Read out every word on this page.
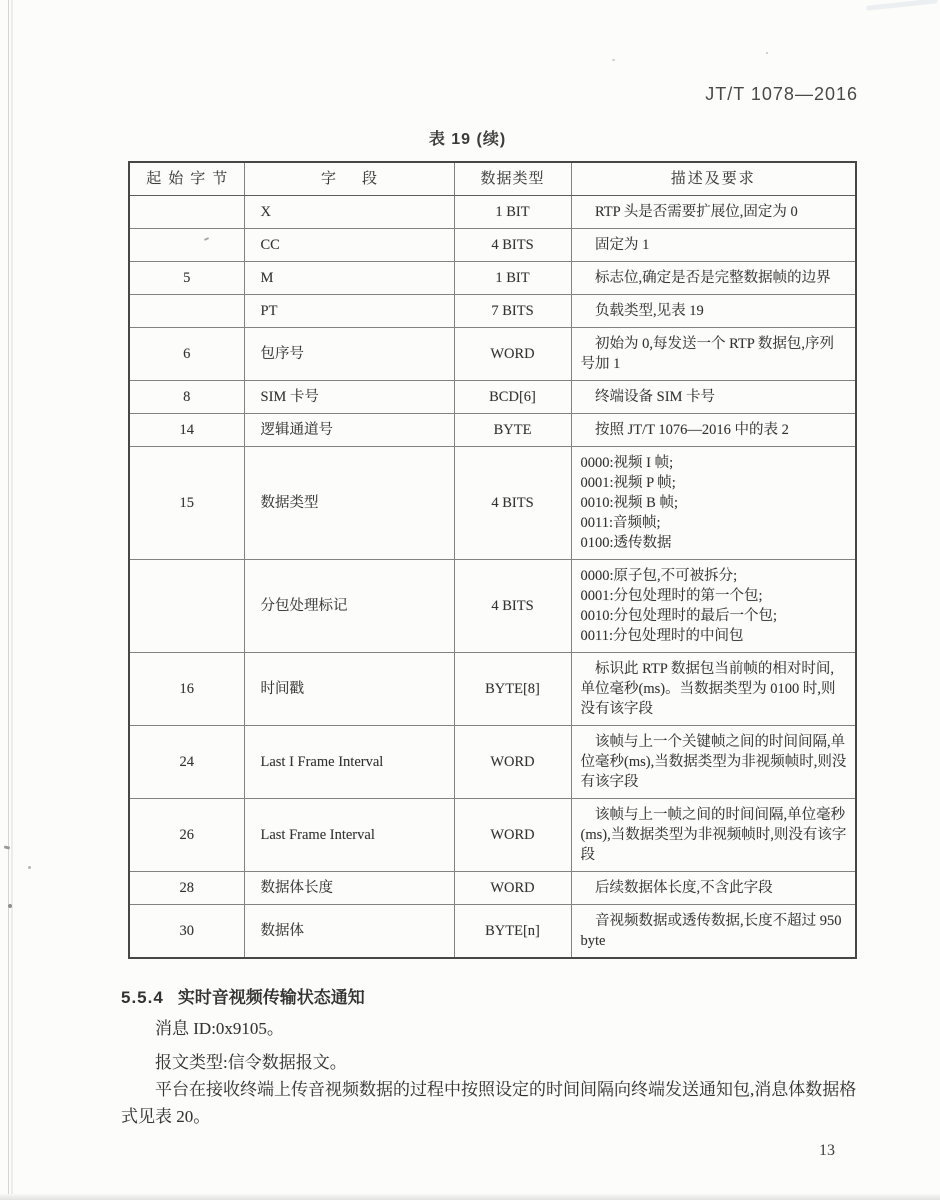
JT/T 1078—2016
表 19 (续)
起始字节	字段	数据类型	描述及要求
	X	1 BIT	RTP 头是否需要扩展位,固定为 0

	CC	4 BITS	固定为 1

5	M	1 BIT	标志位,确定是否是完整数据帧的边界

	PT	7 BITS	负载类型,见表 19

6	包序号	WORD	初始为 0,每发送一个 RTP 数据包,序列号加 1

8	SIM 卡号	BCD[6]	终端设备 SIM 卡号

14	逻辑通道号	BYTE	按照 JT/T 1076—2016 中的表 2

15	数据类型	4 BITS	0000:视频 I 帧;
0001:视频 P 帧;
0010:视频 B 帧;
0011:音频帧;
0100:透传数据

	分包处理标记	4 BITS	0000:原子包,不可被拆分;
0001:分包处理时的第一个包;
0010:分包处理时的最后一个包;
0011:分包处理时的中间包

16	时间戳	BYTE[8]	标识此 RTP 数据包当前帧的相对时间,单位毫秒(ms)。当数据类型为 0100 时,则没有该字段

24	Last I Frame Interval	WORD	该帧与上一个关键帧之间的时间间隔,单位毫秒(ms),当数据类型为非视频帧时,则没有该字段

26	Last Frame Interval	WORD	该帧与上一帧之间的时间间隔,单位毫秒(ms),当数据类型为非视频帧时,则没有该字段

28	数据体长度	WORD	后续数据体长度,不含此字段

30	数据体	BYTE[n]	音视频数据或透传数据,长度不超过 950 byte
5.5.4 实时音视频传输状态通知

消息 ID:0x9105。

报文类型:信令数据报文。

平台在接收终端上传音视频数据的过程中按照设定的时间间隔向终端发送通知包,消息体数据格式见表 20。

13
